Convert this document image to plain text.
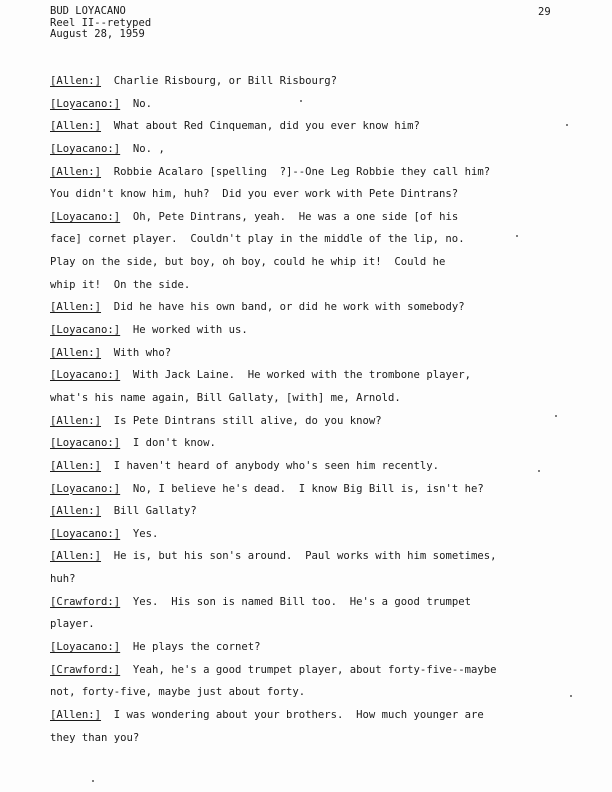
BUD LOYACANO
Reel II--retyped
August 28, 1959
29
[Allen:]  Charlie Risbourg, or Bill Risbourg?
[Loyacano:]  No.
[Allen:]  What about Red Cinqueman, did you ever know him?
[Loyacano:]  No. ,
[Allen:]  Robbie Acalaro [spelling  ?]--One Leg Robbie they call him?
You didn't know him, huh?  Did you ever work with Pete Dintrans?
[Loyacano:]  Oh, Pete Dintrans, yeah.  He was a one side [of his
face] cornet player.  Couldn't play in the middle of the lip, no.
Play on the side, but boy, oh boy, could he whip it!  Could he
whip it!  On the side.
[Allen:]  Did he have his own band, or did he work with somebody?
[Loyacano:]  He worked with us.
[Allen:]  With who?
[Loyacano:]  With Jack Laine.  He worked with the trombone player,
what's his name again, Bill Gallaty, [with] me, Arnold.
[Allen:]  Is Pete Dintrans still alive, do you know?
[Loyacano:]  I don't know.
[Allen:]  I haven't heard of anybody who's seen him recently.
[Loyacano:]  No, I believe he's dead.  I know Big Bill is, isn't he?
[Allen:]  Bill Gallaty?
[Loyacano:]  Yes.
[Allen:]  He is, but his son's around.  Paul works with him sometimes,
huh?
[Crawford:]  Yes.  His son is named Bill too.  He's a good trumpet
player.
[Loyacano:]  He plays the cornet?
[Crawford:]  Yeah, he's a good trumpet player, about forty-five--maybe
not, forty-five, maybe just about forty.
[Allen:]  I was wondering about your brothers.  How much younger are
they than you?
